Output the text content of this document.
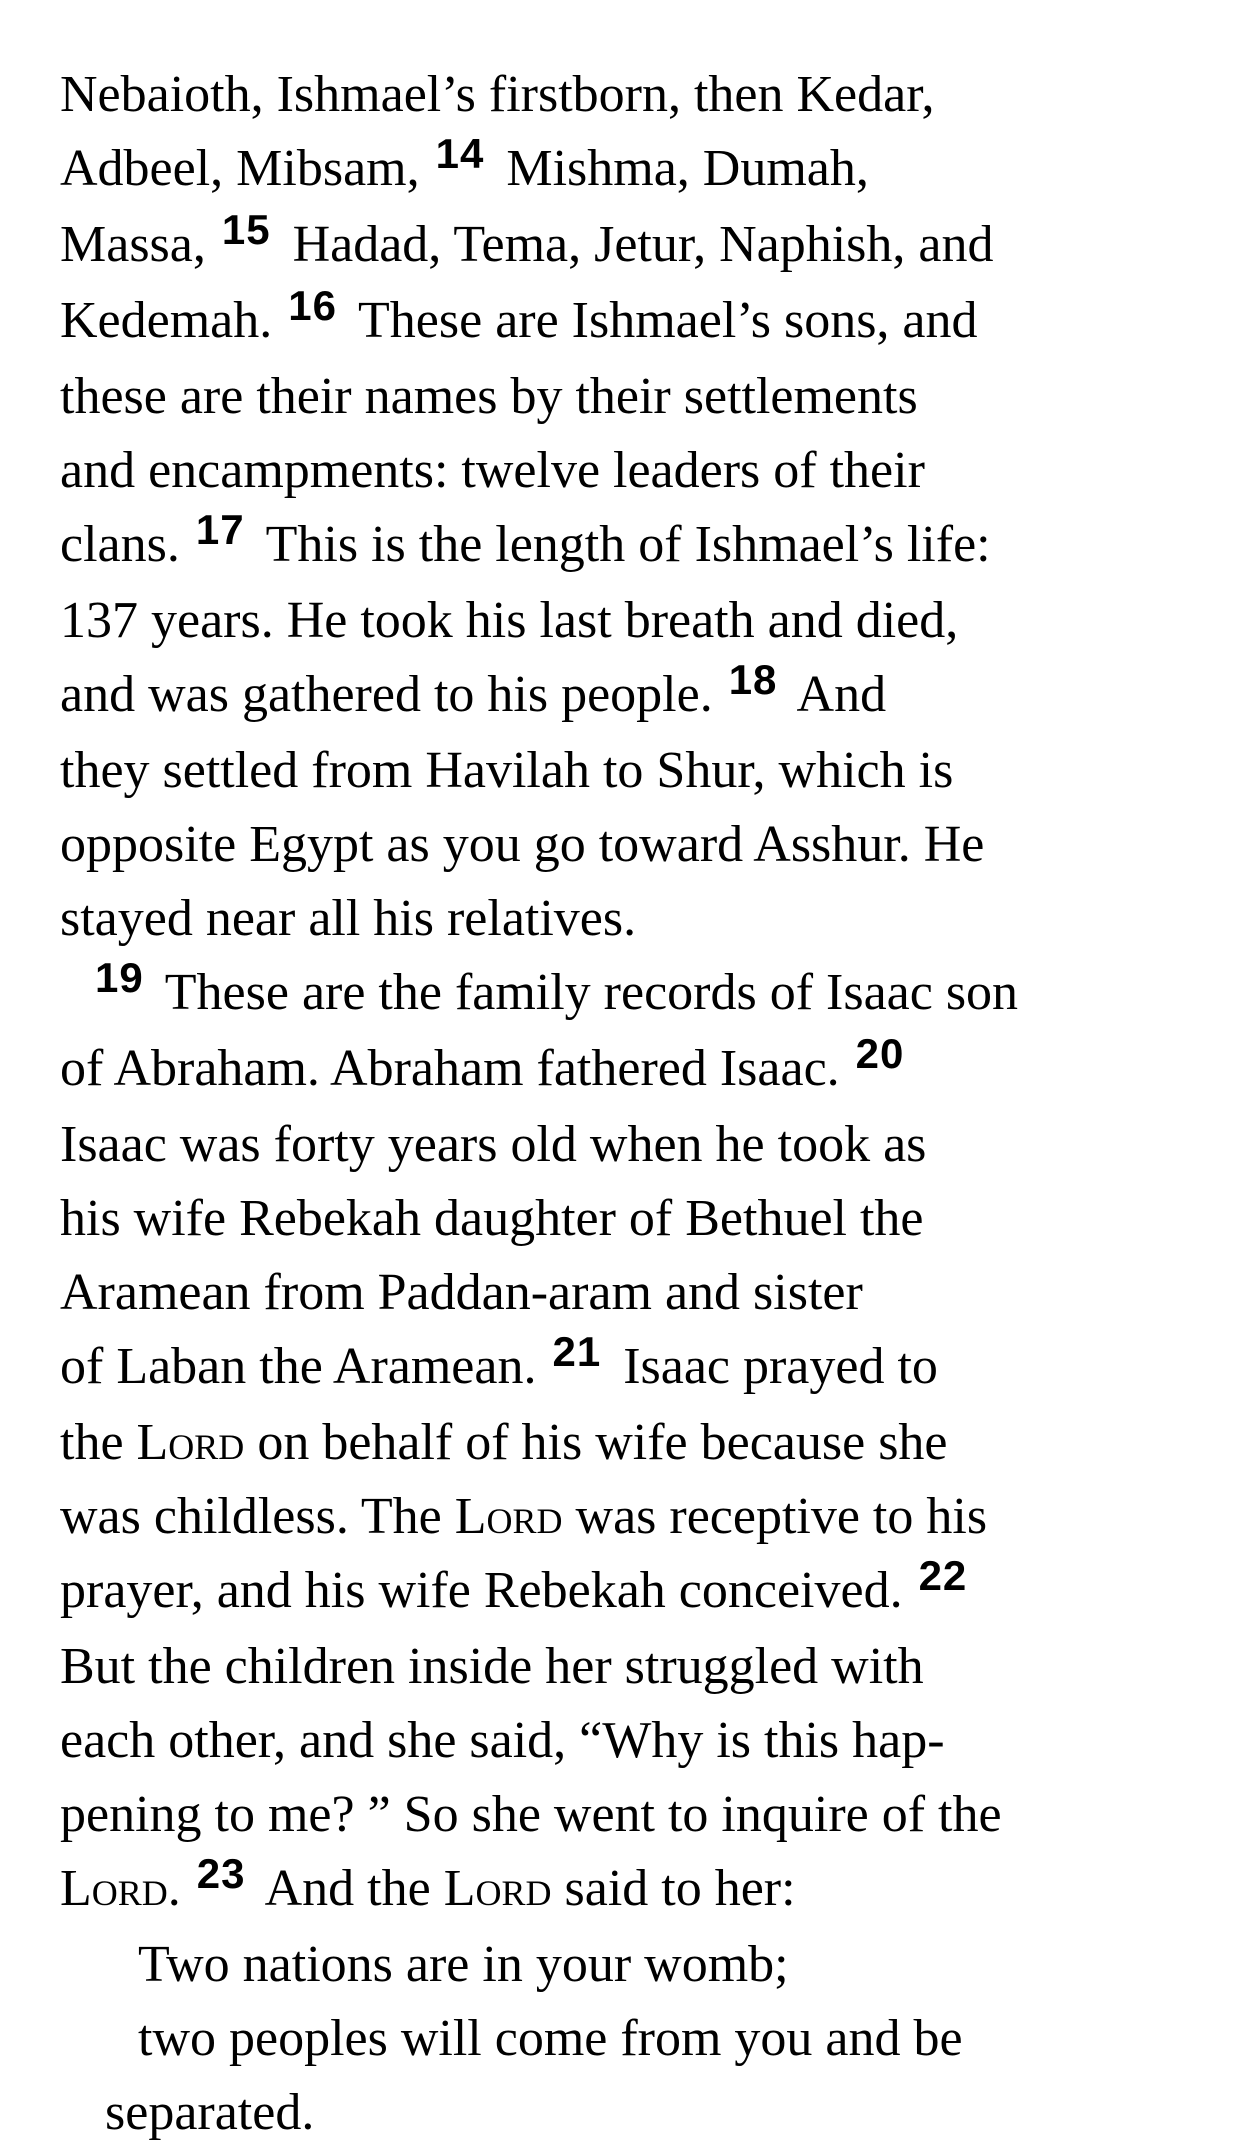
Nebaioth, Ishmael’s firstborn, then Kedar,
Adbeel, Mibsam, $^{14}$ Mishma, Dumah,
Massa, $^{15}$ Hadad, Tema, Jetur, Naphish, and
Kedemah. $^{16}$ These are Ishmael’s sons, and
these are their names by their settlements
and encampments: twelve leaders of their
clans. $^{17}$ This is the length of Ishmael’s life:
137 years. He took his last breath and died,
and was gathered to his people. $^{18}$ And
they settled from Havilah to Shur, which is
opposite Egypt as you go toward Asshur. He
stayed near all his relatives.
$^{19}$ These are the family records of Isaac son
of Abraham. Abraham fathered Isaac. $^{20}$
Isaac was forty years old when he took as
his wife Rebekah daughter of Bethuel the
Aramean from Paddan-aram and sister
of Laban the Aramean. $^{21}$ Isaac prayed to
the Lord on behalf of his wife because she
was childless. The Lord was receptive to his
prayer, and his wife Rebekah conceived. $^{22}$
But the children inside her struggled with
each other, and she said, “Why is this hap-
pening to me? ” So she went to inquire of the
Lord. $^{23}$ And the Lord said to her:
Two nations are in your womb;
two peoples will come from you and be
separated.
